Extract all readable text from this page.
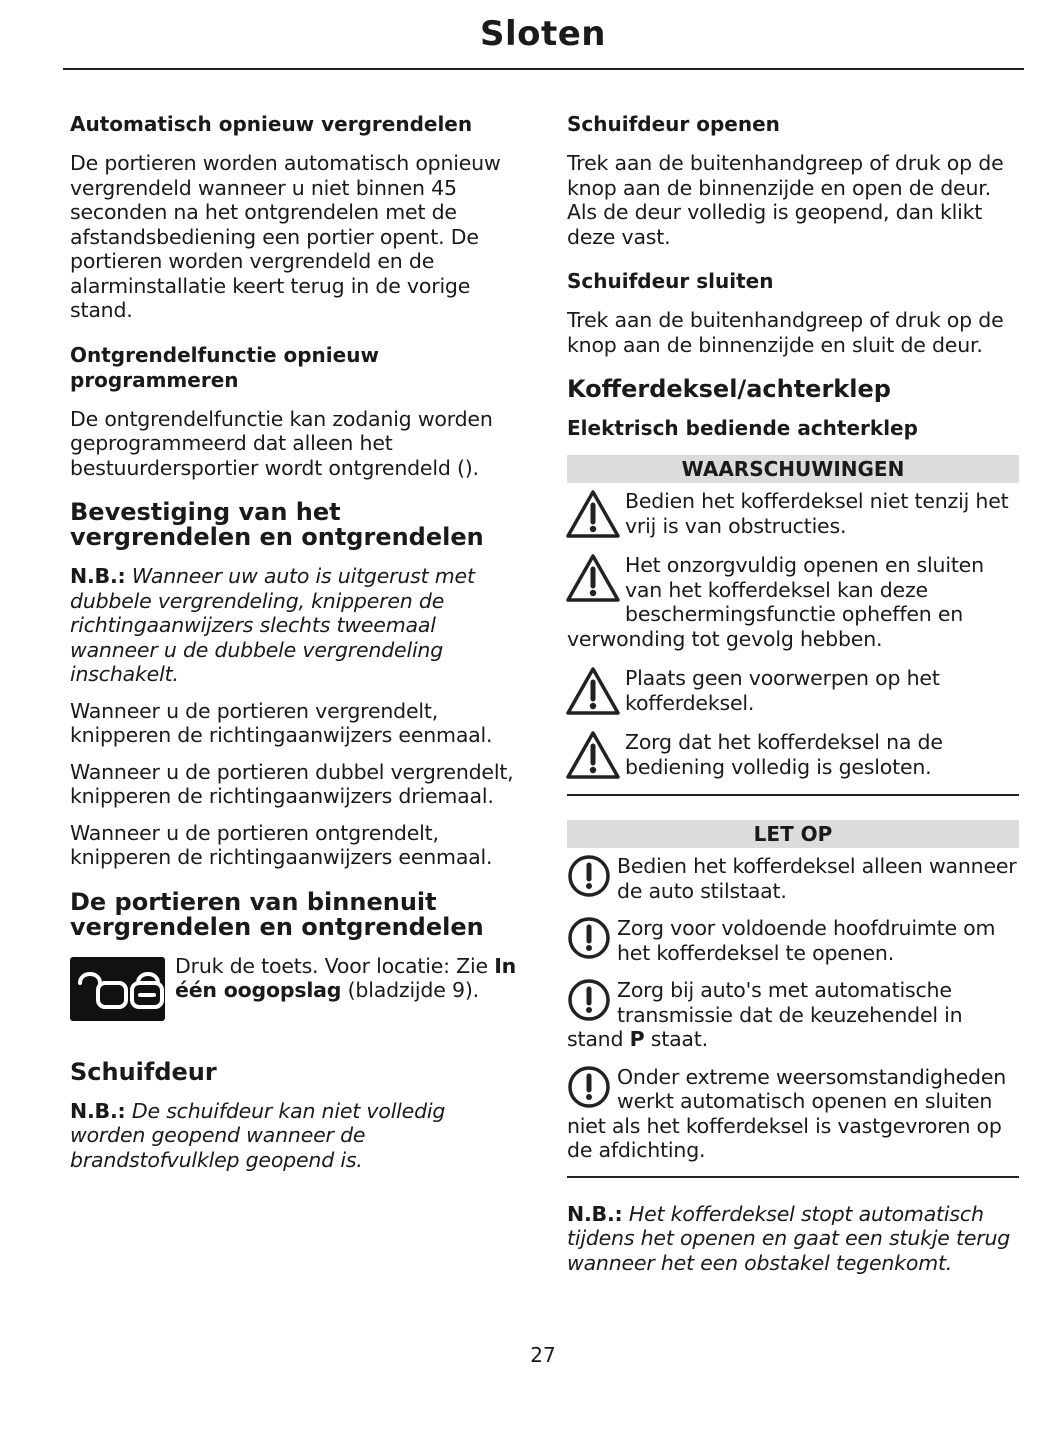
Sloten
Automatisch opnieuw vergrendelen

De portieren worden automatisch opnieuw vergrendeld wanneer u niet binnen 45 seconden na het ontgrendelen met de afstandsbediening een portier opent. De portieren worden vergrendeld en de alarminstallatie keert terug in de vorige stand.

Ontgrendelfunctie opnieuw programmeren

De ontgrendelfunctie kan zodanig worden geprogrammeerd dat alleen het bestuurdersportier wordt ontgrendeld ().

Bevestiging van het vergrendelen en ontgrendelen

N.B.: Wanneer uw auto is uitgerust met dubbele vergrendeling, knipperen de richtingaanwijzers slechts tweemaal wanneer u de dubbele vergrendeling inschakelt.

Wanneer u de portieren vergrendelt, knipperen de richtingaanwijzers eenmaal.

Wanneer u de portieren dubbel vergrendelt, knipperen de richtingaanwijzers driemaal.

Wanneer u de portieren ontgrendelt, knipperen de richtingaanwijzers eenmaal.

De portieren van binnenuit vergrendelen en ontgrendelen
Druk de toets. Voor locatie: Zie In één oogopslag (bladzijde 9).
Schuifdeur

N.B.: De schuifdeur kan niet volledig worden geopend wanneer de brandstofvulklep geopend is.

Schuifdeur openen

Trek aan de buitenhandgreep of druk op de knop aan de binnenzijde en open de deur. Als de deur volledig is geopend, dan klikt deze vast.

Schuifdeur sluiten

Trek aan de buitenhandgreep of druk op de knop aan de binnenzijde en sluit de deur.

Kofferdeksel/achterklep
Elektrisch bediende achterklep
WAARSCHUWINGEN
Bedien het kofferdeksel niet tenzij het vrij is van obstructies.
Het onzorgvuldig openen en sluiten van het kofferdeksel kan deze beschermingsfunctie opheffen en verwonding tot gevolg hebben.
Plaats geen voorwerpen op het kofferdeksel.
Zorg dat het kofferdeksel na de bediening volledig is gesloten.
LET OP
Bedien het kofferdeksel alleen wanneer de auto stilstaat.
Zorg voor voldoende hoofdruimte om het kofferdeksel te openen.
Zorg bij auto's met automatische transmissie dat de keuzehendel in stand P staat.
Onder extreme weersomstandigheden werkt automatisch openen en sluiten niet als het kofferdeksel is vastgevroren op de afdichting.

N.B.: Het kofferdeksel stopt automatisch tijdens het openen en gaat een stukje terug wanneer het een obstakel tegenkomt.

27
